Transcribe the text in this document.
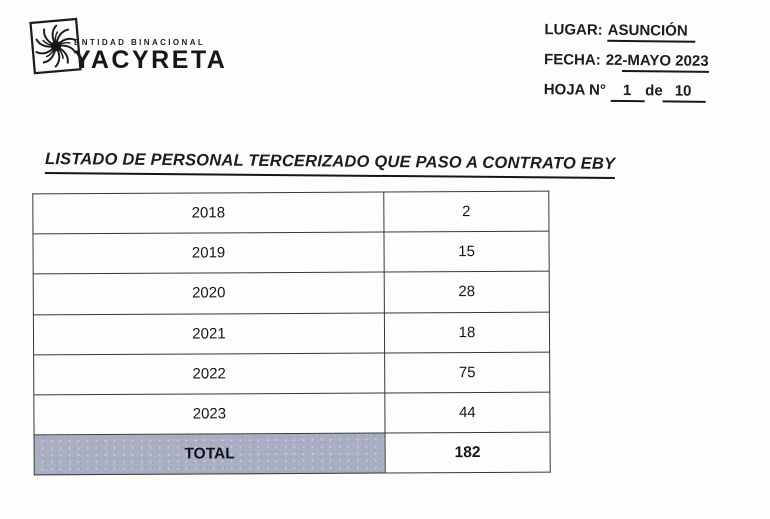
ENTIDAD BINACIONAL
YACYRETA
LUGAR: ASUNCIÓN
FECHA: 22-MAYO 2023
HOJA N° 1 de 10
LISTADO DE PERSONAL TERCERIZADO QUE PASO A CONTRATO EBY
2018	2
2019	15
2020	28
2021	18
2022	75
2023	44
TOTAL	182
